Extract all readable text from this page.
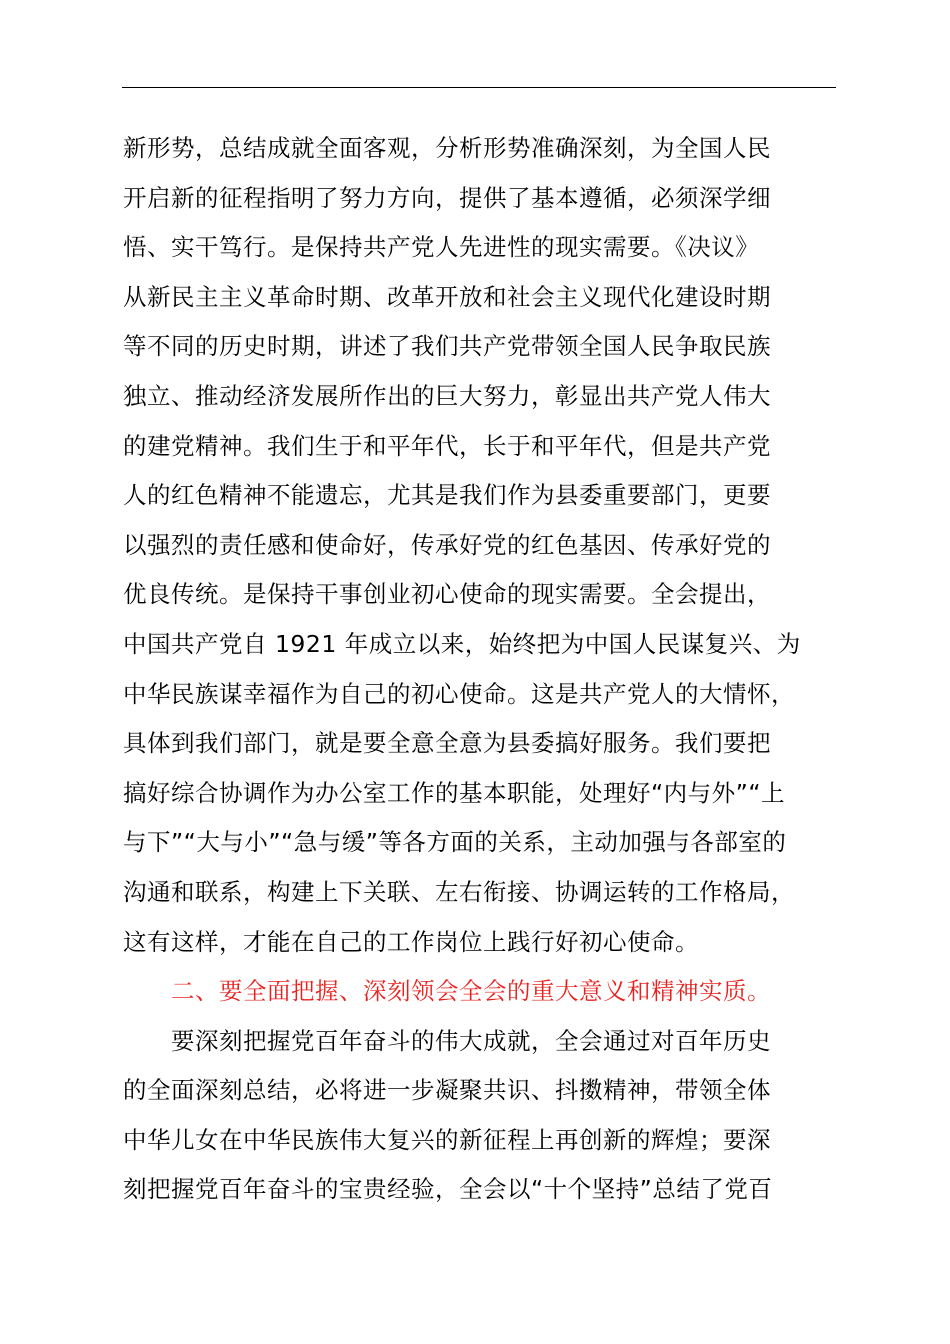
新形势，总结成就全面客观，分析形势准确深刻，为全国人民
开启新的征程指明了努力方向，提供了基本遵循，必须深学细
悟、实干笃行。是保持共产党人先进性的现实需要。《决议》
从新民主主义革命时期、改革开放和社会主义现代化建设时期
等不同的历史时期，讲述了我们共产党带领全国人民争取民族
独立、推动经济发展所作出的巨大努力，彰显出共产党人伟大
的建党精神。我们生于和平年代，长于和平年代，但是共产党
人的红色精神不能遗忘，尤其是我们作为县委重要部门，更要
以强烈的责任感和使命好，传承好党的红色基因、传承好党的
优良传统。是保持干事创业初心使命的现实需要。全会提出，
中国共产党自 1921 年成立以来，始终把为中国人民谋复兴、为
中华民族谋幸福作为自己的初心使命。这是共产党人的大情怀，
具体到我们部门，就是要全意全意为县委搞好服务。我们要把
搞好综合协调作为办公室工作的基本职能，处理好“内与外”“上
与下”“大与小”“急与缓”等各方面的关系，主动加强与各部室的
沟通和联系，构建上下关联、左右衔接、协调运转的工作格局，
这有这样，才能在自己的工作岗位上践行好初心使命。
二、要全面把握、深刻领会全会的重大意义和精神实质。
要深刻把握党百年奋斗的伟大成就，全会通过对百年历史
的全面深刻总结，必将进一步凝聚共识、抖擞精神，带领全体
中华儿女在中华民族伟大复兴的新征程上再创新的辉煌；要深
刻把握党百年奋斗的宝贵经验，全会以“十个坚持”总结了党百
